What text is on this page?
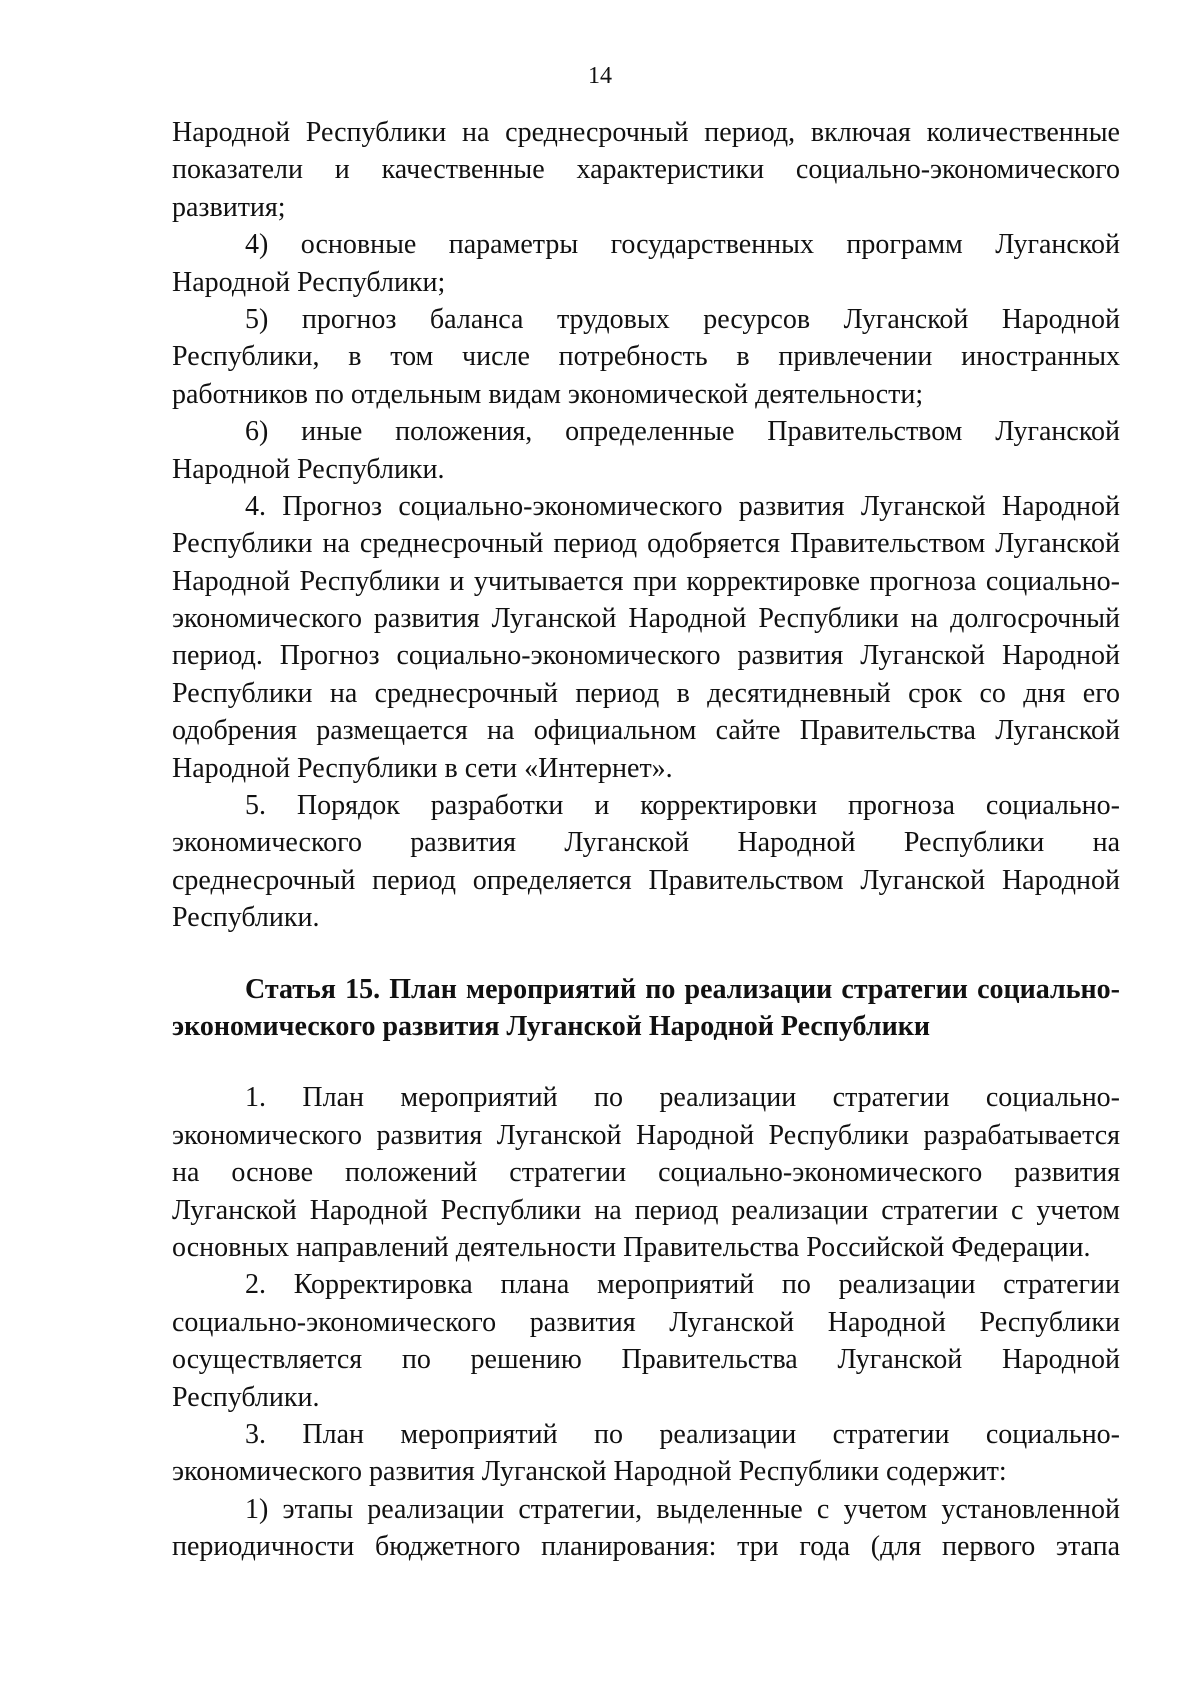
14
Народной Республики на среднесрочный период, включая количественные
показатели и качественные характеристики социально-экономического
развития;
4) основные параметры государственных программ Луганской
Народной Республики;
5) прогноз баланса трудовых ресурсов Луганской Народной
Республики, в том числе потребность в привлечении иностранных
работников по отдельным видам экономической деятельности;
6) иные положения, определенные Правительством Луганской
Народной Республики.
4. Прогноз социально-экономического развития Луганской Народной
Республики на среднесрочный период одобряется Правительством Луганской
Народной Республики и учитывается при корректировке прогноза социально-
экономического развития Луганской Народной Республики на долгосрочный
период. Прогноз социально-экономического развития Луганской Народной
Республики на среднесрочный период в десятидневный срок со дня его
одобрения размещается на официальном сайте Правительства Луганской
Народной Республики в сети «Интернет».
5. Порядок разработки и корректировки прогноза социально-
экономического развития Луганской Народной Республики на
среднесрочный период определяется Правительством Луганской Народной
Республики.
Статья 15. План мероприятий по реализации стратегии социально-
экономического развития Луганской Народной Республики
1. План мероприятий по реализации стратегии социально-
экономического развития Луганской Народной Республики разрабатывается
на основе положений стратегии социально-экономического развития
Луганской Народной Республики на период реализации стратегии с учетом
основных направлений деятельности Правительства Российской Федерации.
2. Корректировка плана мероприятий по реализации стратегии
социально-экономического развития Луганской Народной Республики
осуществляется по решению Правительства Луганской Народной
Республики.
3. План мероприятий по реализации стратегии социально-
экономического развития Луганской Народной Республики содержит:
1) этапы реализации стратегии, выделенные с учетом установленной
периодичности бюджетного планирования: три года (для первого этапа
